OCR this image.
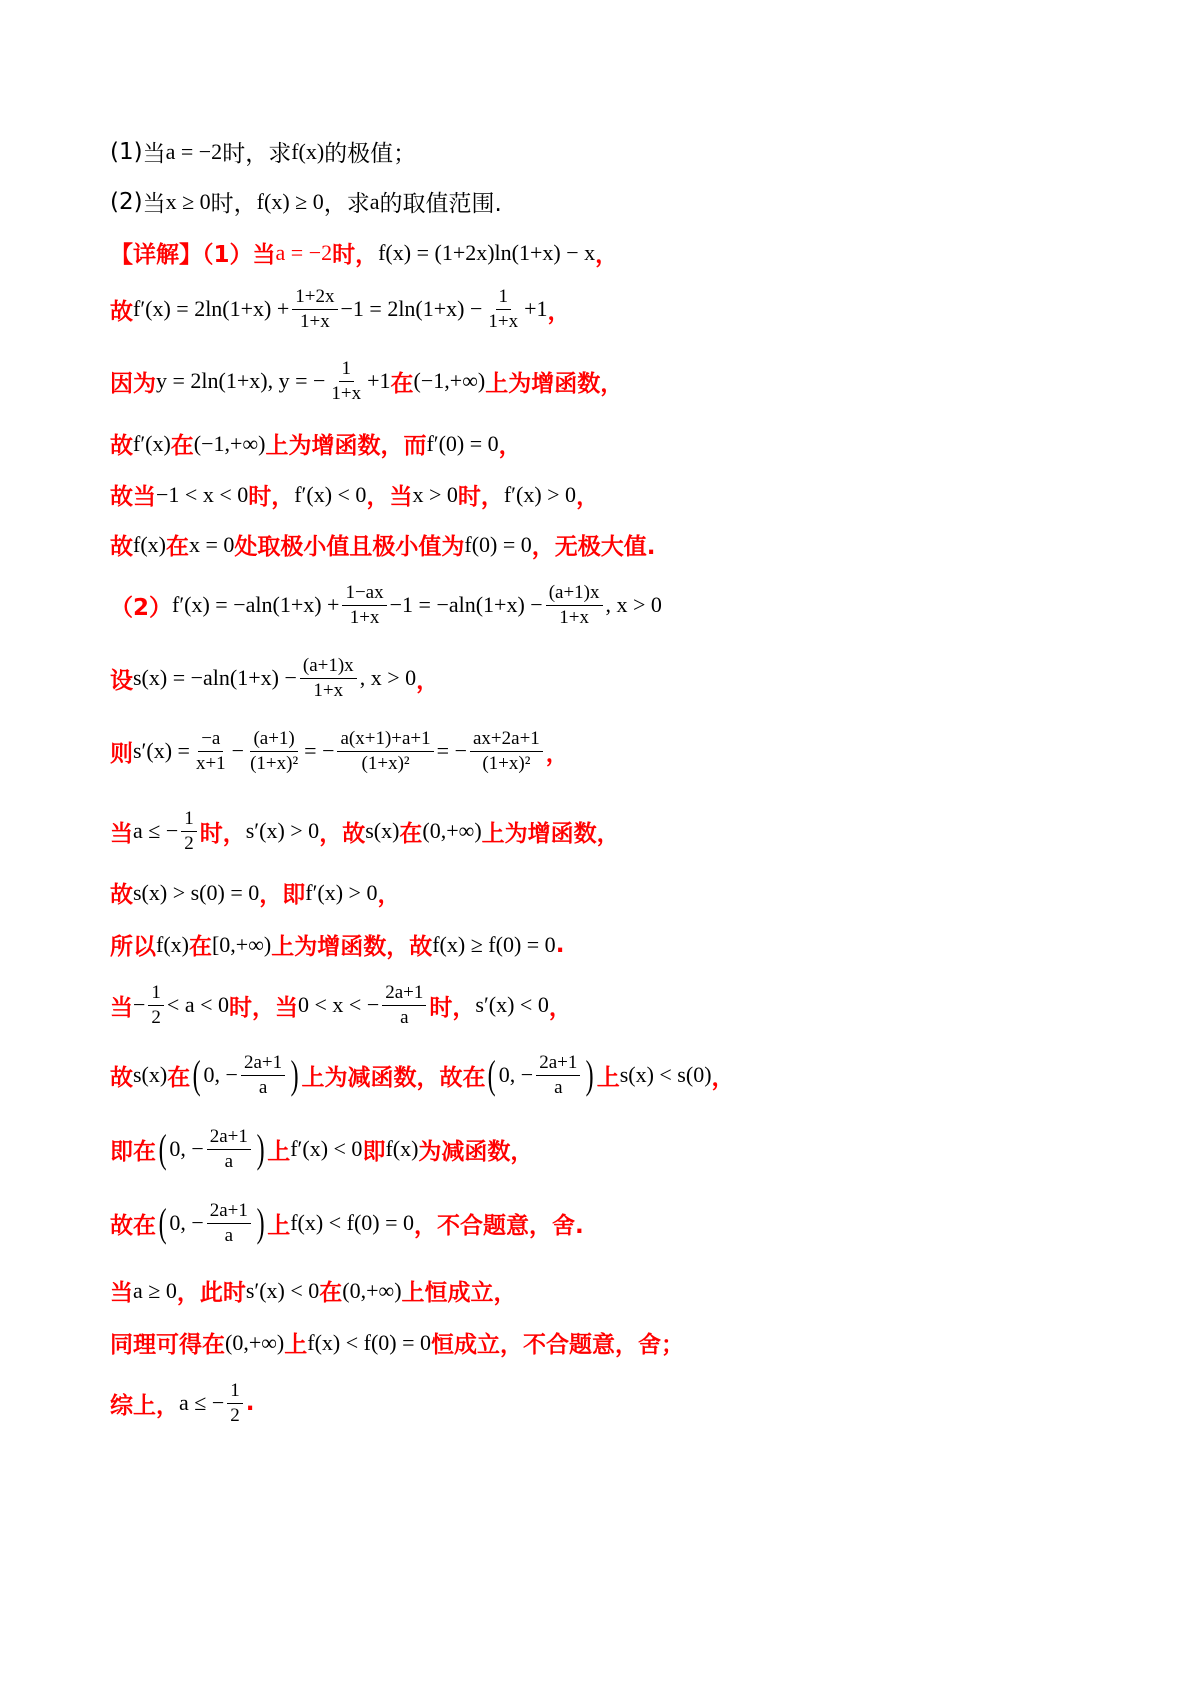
(1) 当 a = −2 时，求 f(x) 的极值；
(2) 当 x ≥ 0 时， f(x) ≥ 0 ，求 a 的取值范围.
【详解】（1）当 a = −2 时， f(x) = (1+2x)ln(1+x) − x ，
故 $f'(x) = 2\ln(1+x) + \frac{1+2x}{1+x} -1 = 2\ln(1+x) - \frac{1}{1+x} +1$ ，
因为 y = 2ln(1+x), y = − $\frac{1}{1+x} +1$ 在 (−1,+∞) 上为增函数，
故 f′(x) 在 (−1,+∞) 上为增函数，而 f′(0) = 0 ，
故当 −1 < x < 0 时， f′(x) < 0 ，当 x > 0 时， f′(x) > 0 ，
故 f(x) 在 x = 0 处取极小值且极小值为 f(0) = 0 ，无极大值.
（2） $f'(x) = -aln(1+x) + \frac{1-ax}{1+x} -1 = -aln(1+x) - \frac{(a+1)x}{1+x}$ , x > 0
设 $s(x) = -aln(1+x) - \frac{(a+1)x}{1+x}$ , x > 0 ，
则 $s'(x) = \frac{-a}{x+1} - \frac{(a+1)}{\text{(1+x)²}}$ = − $\frac{a(x+1)+a+1}{\text{(1+x)²}}$ = − $\frac{ax+2a+1}{\text{(1+x)²}}$ ，
当 a ≤ − $\frac{1}{2}$ 时， s′(x) > 0 ，故 s(x) 在 (0,+∞) 上为增函数，
故 s(x) > s(0) = 0 ，即 f′(x) > 0 ，
所以 f(x) 在 [0,+∞) 上为增函数，故 f(x) ≥ f(0) = 0 .
当 − $\frac{1}{2} < a < 0$ 时，当 0 < x < − $\frac{2a+1}{a}$ 时， s′(x) < 0 ，
故 s(x) 在 ( 0, − $\frac{2a+1}{a}$ ) 上为减函数，故在 ( 0, − $\frac{2a+1}{a}$ ) 上 s(x) < s(0) ，
即在 ( 0, − $\frac{2a+1}{a}$ ) 上 f′(x) < 0 即 f(x) 为减函数，
故在 ( 0, − $\frac{2a+1}{a}$ ) 上 f(x) < f(0) = 0 ，不合题意，舍.
当 a ≥ 0 ，此时 s′(x) < 0 在 (0,+∞) 上恒成立，
同理可得在 (0,+∞) 上 f(x) < f(0) = 0 恒成立，不合题意，舍；
综上， a ≤ − $\frac{1}{2}$ .
